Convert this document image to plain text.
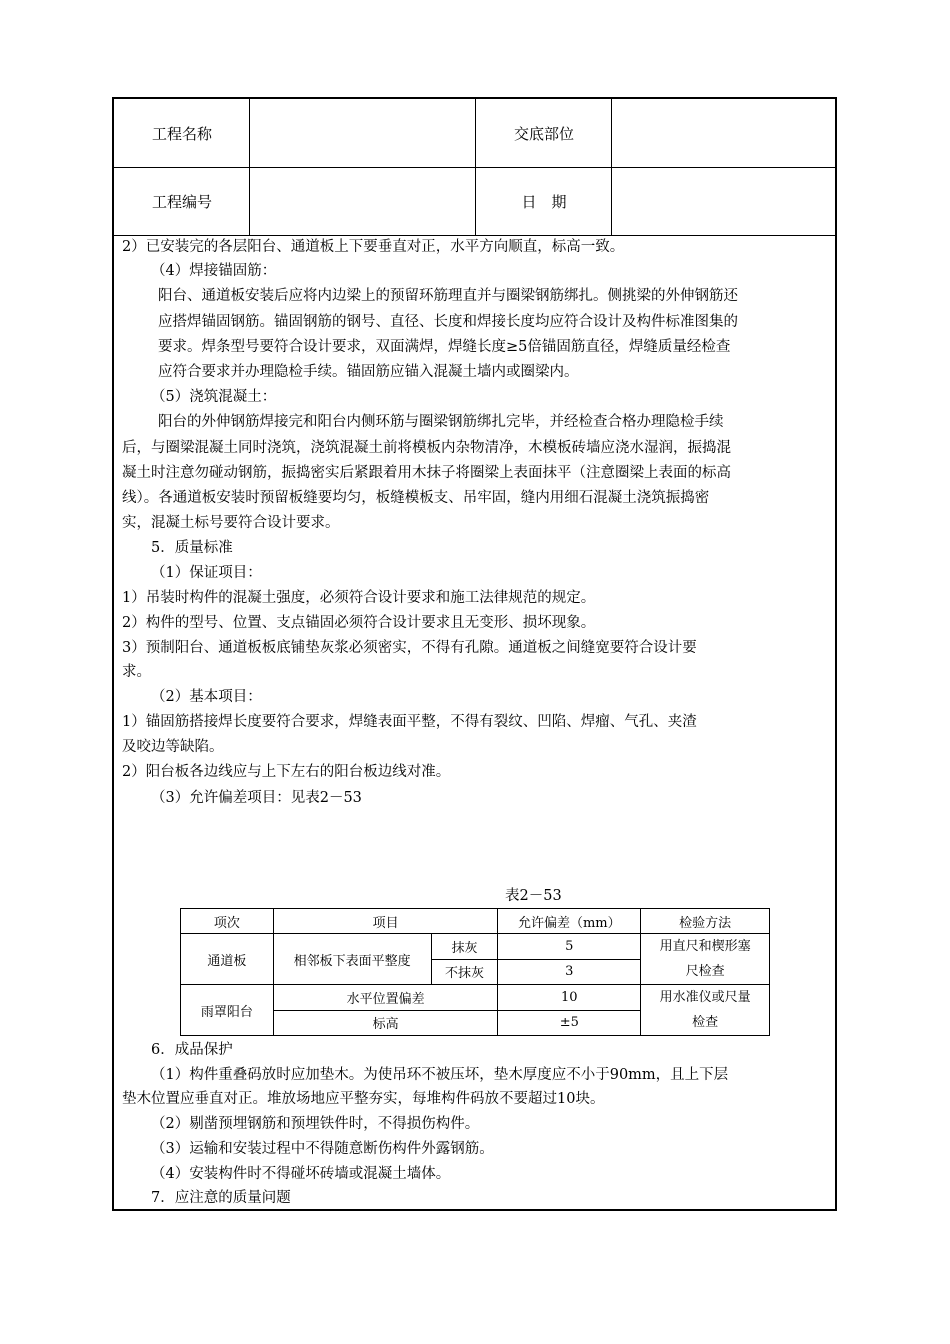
工程名称	交底部位
工程编号	日　期
2）已安装完的各层阳台、通道板上下要垂直对正，水平方向顺直，标高一致。
（4）焊接锚固筋：
阳台、通道板安装后应将内边梁上的预留环筋理直并与圈梁钢筋绑扎。侧挑梁的外伸钢筋还
应搭焊锚固钢筋。锚固钢筋的钢号、直径、长度和焊接长度均应符合设计及构件标准图集的
要求。焊条型号要符合设计要求，双面满焊，焊缝长度≥5倍锚固筋直径，焊缝质量经检查
应符合要求并办理隐检手续。锚固筋应锚入混凝土墙内或圈梁内。
（5）浇筑混凝土：
阳台的外伸钢筋焊接完和阳台内侧环筋与圈梁钢筋绑扎完毕，并经检查合格办理隐检手续
后，与圈梁混凝土同时浇筑，浇筑混凝土前将模板内杂物清净，木模板砖墙应浇水湿润，振捣混
凝土时注意勿碰动钢筋，振捣密实后紧跟着用木抹子将圈梁上表面抹平（注意圈梁上表面的标高
线）。各通道板安装时预留板缝要均匀，板缝模板支、吊牢固，缝内用细石混凝土浇筑振捣密
实，混凝土标号要符合设计要求。
5．质量标准
（1）保证项目：
1）吊装时构件的混凝土强度，必须符合设计要求和施工法律规范的规定。
2）构件的型号、位置、支点锚固必须符合设计要求且无变形、损坏现象。
3）预制阳台、通道板板底铺垫灰浆必须密实，不得有孔隙。通道板之间缝宽要符合设计要
求。
（2）基本项目：
1）锚固筋搭接焊长度要符合要求，焊缝表面平整，不得有裂纹、凹陷、焊瘤、气孔、夹渣
及咬边等缺陷。
2）阳台板各边线应与上下左右的阳台板边线对准。
（3）允许偏差项目：见表2－53
表2－53
项次	项目		允许偏差（mm）	检验方法
通道板	相邻板下表面平整度	抹灰	5	用直尺和楔形塞
尺检查

		不抹灰	3	
雨罩阳台	水平位置偏差		10	用水准仪或尺量
检查

	标高		±5	
6．成品保护
（1）构件重叠码放时应加垫木。为使吊环不被压坏，垫木厚度应不小于90mm，且上下层
垫木位置应垂直对正。堆放场地应平整夯实，每堆构件码放不要超过10块。
（2）剔凿预埋钢筋和预埋铁件时，不得损伤构件。
（3）运输和安装过程中不得随意断伤构件外露钢筋。
（4）安装构件时不得碰坏砖墙或混凝土墙体。
7．应注意的质量问题
